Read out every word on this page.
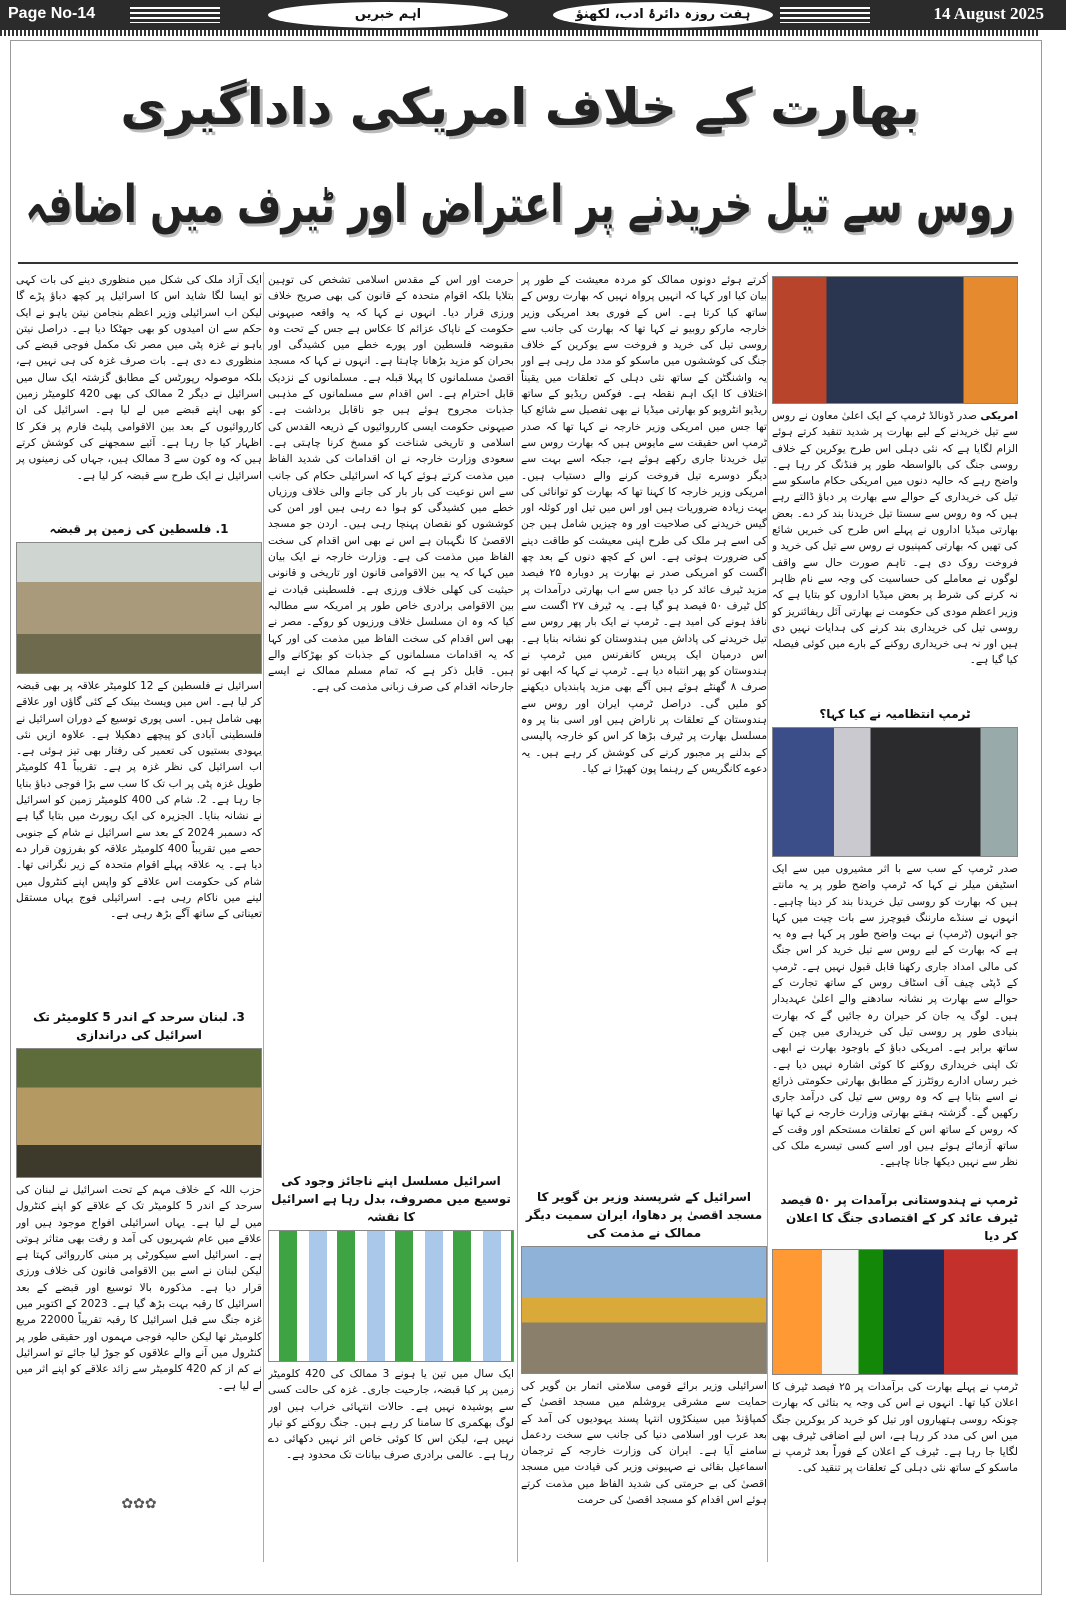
Page No-14	اہم خبریں	ہفت روزہ دائرۂ ادب، لکھنؤ	14 August 2025
بھارت کے خلاف امریکی داداگیری
روس سے تیل خریدنے پر اعتراض اور ٹیرف میں اضافہ
امریکی صدر ڈونالڈ ٹرمپ کے ایک اعلیٰ معاون نے روس سے تیل خریدنے کے لیے بھارت پر شدید تنقید کرتے ہوئے الزام لگایا ہے کہ نئی دہلی اس طرح یوکرین کے خلاف روسی جنگ کی بالواسطہ طور پر فنڈنگ کر رہا ہے۔ واضح رہے کہ حالیہ دنوں میں امریکی حکام ماسکو سے تیل کی خریداری کے حوالے سے بھارت پر دباؤ ڈالتے رہے ہیں کہ وہ روس سے سستا تیل خریدنا بند کر دے۔ بعض بھارتی میڈیا اداروں نے پہلے اس طرح کی خبریں شائع کی تھیں کہ بھارتی کمپنیوں نے روس سے تیل کی خرید و فروخت روک دی ہے۔ تاہم صورت حال سے واقف لوگوں نے معاملے کی حساسیت کی وجہ سے نام ظاہر نہ کرنے کی شرط پر بعض میڈیا اداروں کو بتایا ہے کہ وزیر اعظم مودی کی حکومت نے بھارتی آئل ریفائنریز کو روسی تیل کی خریداری بند کرنے کی ہدایات نہیں دی ہیں اور نہ ہی خریداری روکنے کے بارے میں کوئی فیصلہ کیا گیا ہے۔
ٹرمپ انتظامیہ نے کیا کہا؟
صدر ٹرمپ کے سب سے با اثر مشیروں میں سے ایک اسٹیفن میلر نے کہا کہ ٹرمپ واضح طور پر یہ مانتے ہیں کہ بھارت کو روسی تیل خریدنا بند کر دینا چاہیے۔ انہوں نے سنڈے مارننگ فیوچرز سے بات چیت میں کہا جو انہوں (ٹرمپ) نے بہت واضح طور پر کہا ہے وہ یہ ہے کہ بھارت کے لیے روس سے تیل خرید کر اس جنگ کی مالی امداد جاری رکھنا قابل قبول نہیں ہے۔ ٹرمپ کے ڈپٹی چیف آف اسٹاف روس کے ساتھ تجارت کے حوالے سے بھارت پر نشانہ سادھنے والے اعلیٰ عہدیدار ہیں۔ لوگ یہ جان کر حیران رہ جائیں گے کہ بھارت بنیادی طور پر روسی تیل کی خریداری میں چین کے ساتھ برابر ہے۔ امریکی دباؤ کے باوجود بھارت نے ابھی تک اپنی خریداری روکنے کا کوئی اشارہ نہیں دیا ہے۔ خبر رساں ادارے روئٹرز کے مطابق بھارتی حکومتی ذرائع نے اسے بتایا ہے کہ وہ روس سے تیل کی درآمد جاری رکھیں گے۔ گزشتہ ہفتے بھارتی وزارت خارجہ نے کہا تھا کہ روس کے ساتھ اس کے تعلقات مستحکم اور وقت کے ساتھ آزمائے ہوئے ہیں اور اسے کسی تیسرے ملک کی نظر سے نہیں دیکھا جانا چاہیے۔
ٹرمپ نے ہندوستانی برآمدات پر ۵۰ فیصد ٹیرف عائد کر کے اقتصادی جنگ کا اعلان کر دیا
ٹرمپ نے پہلے بھارت کی برآمدات پر ۲۵ فیصد ٹیرف کا اعلان کیا تھا۔ انہوں نے اس کی وجہ یہ بتائی کہ بھارت چونکہ روسی ہتھیاروں اور تیل کو خرید کر یوکرین جنگ میں اس کی مدد کر رہا ہے، اس لیے اضافی ٹیرف بھی لگایا جا رہا ہے۔ ٹیرف کے اعلان کے فوراً بعد ٹرمپ نے ماسکو کے ساتھ نئی دہلی کے تعلقات پر تنقید کی۔
کرتے ہوئے دونوں ممالک کو مردہ معیشت کے طور پر بیان کیا اور کہا کہ انہیں پرواہ نہیں کہ بھارت روس کے ساتھ کیا کرتا ہے۔ اس کے فوری بعد امریکی وزیر خارجہ مارکو روبیو نے کہا تھا کہ بھارت کی جانب سے روسی تیل کی خرید و فروخت سے یوکرین کے خلاف جنگ کی کوششوں میں ماسکو کو مدد مل رہی ہے اور یہ واشنگٹن کے ساتھ نئی دہلی کے تعلقات میں یقیناً اختلاف کا ایک اہم نقطہ ہے۔ فوکس ریڈیو کے ساتھ ریڈیو انٹرویو کو بھارتی میڈیا نے بھی تفصیل سے شائع کیا تھا جس میں امریکی وزیر خارجہ نے کہا تھا کہ صدر ٹرمپ اس حقیقت سے مایوس ہیں کہ بھارت روس سے تیل خریدنا جاری رکھے ہوئے ہے، جبکہ اسے بہت سے دیگر دوسرے تیل فروخت کرنے والے دستیاب ہیں۔ امریکی وزیر خارجہ کا کہنا تھا کہ بھارت کو توانائی کی بہت زیادہ ضروریات ہیں اور اس میں تیل اور کوئلہ اور گیس خریدنے کی صلاحیت اور وہ چیزیں شامل ہیں جن کی اسے ہر ملک کی طرح اپنی معیشت کو طاقت دینے کی ضرورت ہوتی ہے۔ اس کے کچھ دنوں کے بعد چھ اگست کو امریکی صدر نے بھارت پر دوبارہ ۲۵ فیصد مزید ٹیرف عائد کر دیا جس سے اب بھارتی درآمدات پر کل ٹیرف ۵۰ فیصد ہو گیا ہے۔ یہ ٹیرف ۲۷ اگست سے نافذ ہونے کی امید ہے۔ ٹرمپ نے ایک بار پھر روس سے تیل خریدنے کی پاداش میں ہندوستان کو نشانہ بنایا ہے۔ اس درمیان ایک پریس کانفرنس میں ٹرمپ نے ہندوستان کو پھر انتباہ دیا ہے۔ ٹرمپ نے کہا کہ ابھی تو صرف ۸ گھنٹے ہوئے ہیں آگے بھی مزید پابندیاں دیکھنے کو ملیں گی۔ دراصل ٹرمپ ایران اور روس سے ہندوستان کے تعلقات پر ناراض ہیں اور اسی بنا پر وہ مسلسل بھارت پر ٹیرف بڑھا کر اس کو خارجہ پالیسی کے بدلنے پر مجبور کرنے کی کوشش کر رہے ہیں۔ یہ دعوے کانگریس کے رہنما پون کھیڑا نے کیا۔
اسرائیل کے شرپسند وزیر بن گویر کا مسجد اقصیٰ پر دھاوا، ایران سمیت دیگر ممالک نے مذمت کی
اسرائیلی وزیر برائے قومی سلامتی اتمار بن گویر کی حمایت سے مشرقی یروشلم میں مسجد اقصیٰ کے کمپاؤنڈ میں سینکڑوں انتہا پسند یہودیوں کی آمد کے بعد عرب اور اسلامی دنیا کی جانب سے سخت ردعمل سامنے آیا ہے۔ ایران کی وزارت خارجہ کے ترجمان اسماعیل بقائی نے صہیونی وزیر کی قیادت میں مسجد اقصیٰ کی بے حرمتی کی شدید الفاظ میں مذمت کرتے ہوئے اس اقدام کو مسجد اقصیٰ کی حرمت
حرمت اور اس کے مقدس اسلامی تشخص کی توہین بتلایا بلکہ اقوام متحدہ کے قانون کی بھی صریح خلاف ورزی قرار دیا۔ انہوں نے کہا کہ یہ واقعہ صیہونی حکومت کے ناپاک عزائم کا عکاس ہے جس کے تحت وہ مقبوضہ فلسطین اور پورے خطے میں کشیدگی اور بحران کو مزید بڑھانا چاہتا ہے۔ انہوں نے کہا کہ مسجد اقصیٰ مسلمانوں کا پہلا قبلہ ہے۔ مسلمانوں کے نزدیک قابل احترام ہے۔ اس اقدام سے مسلمانوں کے مذہبی جذبات مجروح ہوئے ہیں جو ناقابل برداشت ہے۔ صیہونی حکومت ایسی کارروائیوں کے ذریعہ القدس کی اسلامی و تاریخی شناخت کو مسخ کرنا چاہتی ہے۔ سعودی وزارت خارجہ نے ان اقدامات کی شدید الفاظ میں مذمت کرتے ہوئے کہا کہ اسرائیلی حکام کی جانب سے اس نوعیت کی بار بار کی جانے والی خلاف ورزیاں خطے میں کشیدگی کو ہوا دے رہی ہیں اور امن کی کوششوں کو نقصان پہنچا رہی ہیں۔ اردن جو مسجد الاقصیٰ کا نگہبان ہے اس نے بھی اس اقدام کی سخت الفاظ میں مذمت کی ہے۔ وزارت خارجہ نے ایک بیان میں کہا کہ یہ بین الاقوامی قانون اور تاریخی و قانونی حیثیت کی کھلی خلاف ورزی ہے۔ فلسطینی قیادت نے بین الاقوامی برادری خاص طور پر امریکہ سے مطالبہ کیا کہ وہ ان مسلسل خلاف ورزیوں کو روکے۔ مصر نے بھی اس اقدام کی سخت الفاظ میں مذمت کی اور کہا کہ یہ اقدامات مسلمانوں کے جذبات کو بھڑکانے والے ہیں۔ قابل ذکر ہے کہ تمام مسلم ممالک نے ایسے جارحانہ اقدام کی صرف زبانی مذمت کی ہے۔
اسرائیل مسلسل اپنے ناجائز وجود کی توسیع میں مصروف، بدل رہا ہے اسرائیل کا نقشہ
ایک سال میں تین یا ہونے 3 ممالک کی 420 کلومیٹر زمین پر کیا قبضہ، جارحیت جاری۔ غزہ کی حالت کسی سے پوشیدہ نہیں ہے۔ حالات انتہائی خراب ہیں اور لوگ بھکمری کا سامنا کر رہے ہیں۔ جنگ روکنے کو تیار نہیں ہے، لیکن اس کا کوئی خاص اثر نہیں دکھائی دے رہا ہے۔ عالمی برادری صرف بیانات تک محدود ہے۔
ایک آزاد ملک کی شکل میں منظوری دینے کی بات کہی تو ایسا لگا شاید اس کا اسرائیل پر کچھ دباؤ پڑے گا لیکن اب اسرائیلی وزیر اعظم بنجامن نیتن یاہو نے ایک حکم سے ان امیدوں کو بھی جھٹکا دیا ہے۔ دراصل نیتن یاہو نے غزہ پٹی میں مصر تک مکمل فوجی قبضے کی منظوری دے دی ہے۔ بات صرف غزہ کی ہی نہیں ہے، بلکہ موصولہ رپورٹس کے مطابق گزشتہ ایک سال میں اسرائیل نے دیگر 2 ممالک کی بھی 420 کلومیٹر زمین کو بھی اپنے قبضے میں لے لیا ہے۔ اسرائیل کی ان کارروائیوں کے بعد بین الاقوامی پلیٹ فارم پر فکر کا اظہار کیا جا رہا ہے۔ آئیے سمجھنے کی کوشش کرتے ہیں کہ وہ کون سے 3 ممالک ہیں، جہاں کی زمینوں پر اسرائیل نے ایک طرح سے قبضہ کر لیا ہے۔
1. فلسطین کی زمین پر قبضہ
اسرائیل نے فلسطین کے 12 کلومیٹر علاقہ پر بھی قبضہ کر لیا ہے۔ اس میں ویسٹ بینک کے کئی گاؤں اور علاقے بھی شامل ہیں۔ اسی پوری توسیع کے دوران اسرائیل نے فلسطینی آبادی کو پیچھے دھکیلا ہے۔ علاوہ ازیں نئی یہودی بستیوں کی تعمیر کی رفتار بھی تیز ہوئی ہے۔ اب اسرائیل کی نظر غزہ پر ہے۔ تقریباً 41 کلومیٹر طویل غزہ پٹی پر اب تک کا سب سے بڑا فوجی دباؤ بنایا جا رہا ہے۔ 2. شام کی 400 کلومیٹر زمین کو اسرائیل نے نشانہ بنایا۔ الجزیرہ کی ایک رپورٹ میں بتایا گیا ہے کہ دسمبر 2024 کے بعد سے اسرائیل نے شام کے جنوبی حصے میں تقریباً 400 کلومیٹر علاقہ کو بفرزون قرار دے دیا ہے۔ یہ علاقہ پہلے اقوام متحدہ کے زیر نگرانی تھا۔ شام کی حکومت اس علاقے کو واپس اپنے کنٹرول میں لینے میں ناکام رہی ہے۔ اسرائیلی فوج یہاں مستقل تعیناتی کے ساتھ آگے بڑھ رہی ہے۔
3. لبنان سرحد کے اندر 5 کلومیٹر تک اسرائیل کی دراندازی
حزب اللہ کے خلاف مہم کے تحت اسرائیل نے لبنان کی سرحد کے اندر 5 کلومیٹر تک کے علاقے کو اپنے کنٹرول میں لے لیا ہے۔ یہاں اسرائیلی افواج موجود ہیں اور علاقے میں عام شہریوں کی آمد و رفت بھی متاثر ہوتی ہے۔ اسرائیل اسے سیکورٹی پر مبنی کارروائی کہتا ہے لیکن لبنان نے اسے بین الاقوامی قانون کی خلاف ورزی قرار دیا ہے۔ مذکورہ بالا توسیع اور قبضے کے بعد اسرائیل کا رقبہ بہت بڑھ گیا ہے۔ 2023 کے اکتوبر میں غزہ جنگ سے قبل اسرائیل کا رقبہ تقریباً 22000 مربع کلومیٹر تھا لیکن حالیہ فوجی مہموں اور حقیقی طور پر کنٹرول میں آنے والے علاقوں کو جوڑ لیا جائے تو اسرائیل نے کم از کم 420 کلومیٹر سے زائد علاقے کو اپنے اثر میں لے لیا ہے۔
✿✿✿
